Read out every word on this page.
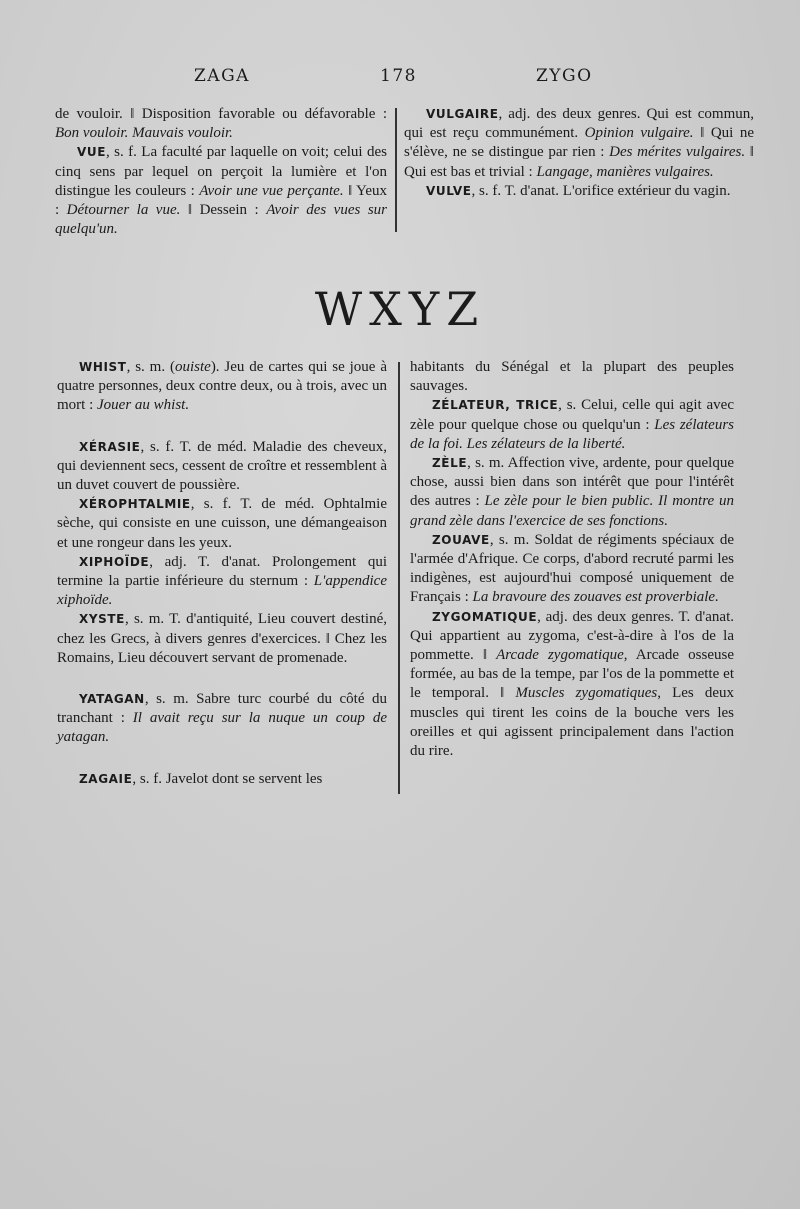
ZAGA	178	ZYGO

de vouloir. ‖ Disposition favorable ou défavorable : Bon vouloir. Mauvais vouloir.

VUE, s. f. La faculté par laquelle on voit; celui des cinq sens par lequel on perçoit la lumière et l'on distingue les couleurs : Avoir une vue perçante. ‖ Yeux : Détourner la vue. ‖ Dessein : Avoir des vues sur quelqu'un.

VULGAIRE, adj. des deux genres. Qui est commun, qui est reçu communément. Opinion vulgaire. ‖ Qui ne s'élève, ne se distingue par rien : Des mérites vulgaires. ‖ Qui est bas et trivial : Langage, manières vulgaires.

VULVE, s. f. T. d'anat. L'orifice extérieur du vagin.

WXYZ

WHIST, s. m. (ouiste). Jeu de cartes qui se joue à quatre personnes, deux contre deux, ou à trois, avec un mort : Jouer au whist.

XÉRASIE, s. f. T. de méd. Maladie des cheveux, qui deviennent secs, cessent de croître et ressemblent à un duvet couvert de poussière.

XÉROPHTALMIE, s. f. T. de méd. Ophtalmie sèche, qui consiste en une cuisson, une démangeaison et une rongeur dans les yeux.

XIPHOÏDE, adj. T. d'anat. Prolongement qui termine la partie inférieure du sternum : L'appendice xiphoïde.

XYSTE, s. m. T. d'antiquité, Lieu couvert destiné, chez les Grecs, à divers genres d'exercices. ‖ Chez les Romains, Lieu découvert servant de promenade.

YATAGAN, s. m. Sabre turc courbé du côté du tranchant : Il avait reçu sur la nuque un coup de yatagan.

ZAGAIE, s. f. Javelot dont se servent les

habitants du Sénégal et la plupart des peuples sauvages.

ZÉLATEUR, TRICE, s. Celui, celle qui agit avec zèle pour quelque chose ou quelqu'un : Les zélateurs de la foi. Les zélateurs de la liberté.

ZÈLE, s. m. Affection vive, ardente, pour quelque chose, aussi bien dans son intérêt que pour l'intérêt des autres : Le zèle pour le bien public. Il montre un grand zèle dans l'exercice de ses fonctions.

ZOUAVE, s. m. Soldat de régiments spéciaux de l'armée d'Afrique. Ce corps, d'abord recruté parmi les indigènes, est aujourd'hui composé uniquement de Français : La bravoure des zouaves est proverbiale.

ZYGOMATIQUE, adj. des deux genres. T. d'anat. Qui appartient au zygoma, c'est-à-dire à l'os de la pommette. ‖ Arcade zygomatique, Arcade osseuse formée, au bas de la tempe, par l'os de la pommette et le temporal. ‖ Muscles zygomatiques, Les deux muscles qui tirent les coins de la bouche vers les oreilles et qui agissent principalement dans l'action du rire.
